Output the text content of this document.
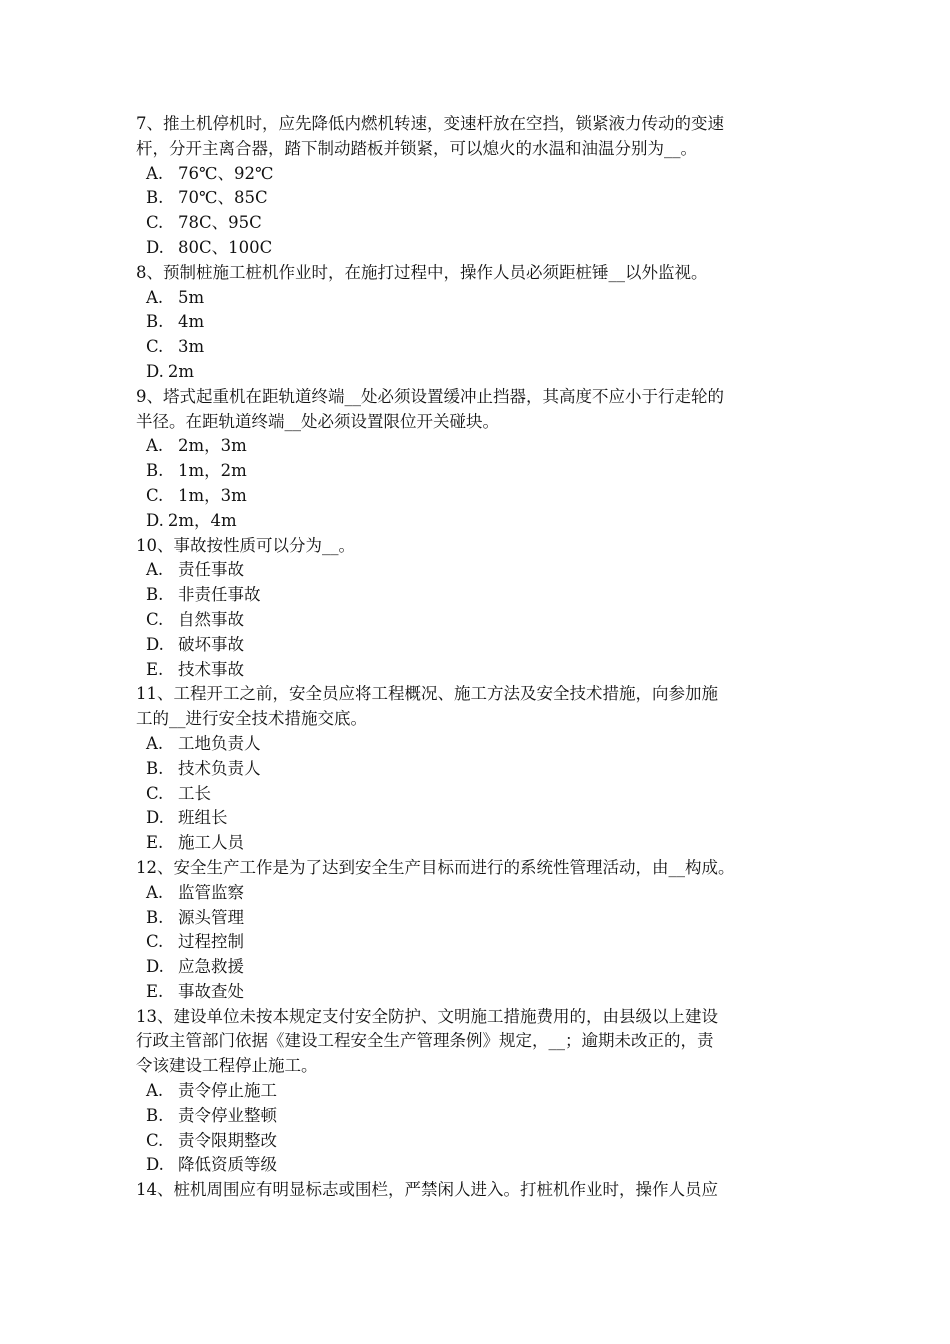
7、推土机停机时，应先降低内燃机转速，变速杆放在空挡，锁紧液力传动的变速
杆，分开主离合器，踏下制动踏板并锁紧，可以熄火的水温和油温分别为__。
A. 76℃、92℃
B. 70℃、85C
C. 78C、95C
D. 80C、100C
8、预制桩施工桩机作业时，在施打过程中，操作人员必须距桩锤__以外监视。
A. 5m
B. 4m
C. 3m
D. 2m
9、塔式起重机在距轨道终端__处必须设置缓冲止挡器，其高度不应小于行走轮的
半径。在距轨道终端__处必须设置限位开关碰块。
A. 2m，3m
B. 1m，2m
C. 1m，3m
D. 2m，4m
10、事故按性质可以分为__。
A. 责任事故
B. 非责任事故
C. 自然事故
D. 破坏事故
E. 技术事故
11、工程开工之前，安全员应将工程概况、施工方法及安全技术措施，向参加施
工的__进行安全技术措施交底。
A. 工地负责人
B. 技术负责人
C. 工长
D. 班组长
E. 施工人员
12、安全生产工作是为了达到安全生产目标而进行的系统性管理活动，由__构成。
A. 监管监察
B. 源头管理
C. 过程控制
D. 应急救援
E. 事故查处
13、建设单位未按本规定支付安全防护、文明施工措施费用的，由县级以上建设
行政主管部门依据《建设工程安全生产管理条例》规定，__；逾期未改正的，责
令该建设工程停止施工。
A. 责令停止施工
B. 责令停业整顿
C. 责令限期整改
D. 降低资质等级
14、桩机周围应有明显标志或围栏，严禁闲人进入。打桩机作业时，操作人员应
